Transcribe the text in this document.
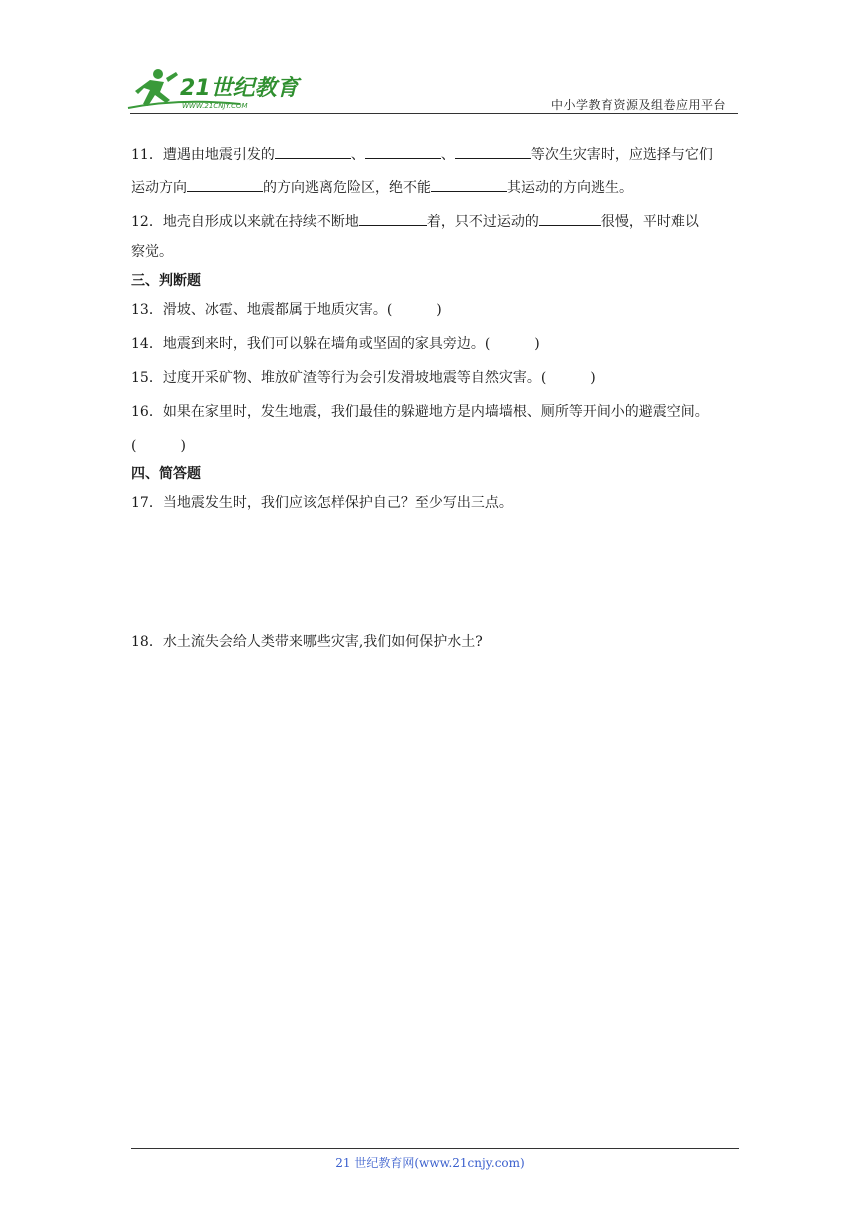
21世纪教育
WWW.21CNJY.COM	中小学教育资源及组卷应用平台
11．遭遇由地震引发的	、	、	等次生灾害时，应选择与它们
运动方向	的方向逃离危险区，绝不能	其运动的方向逃生。
12．地壳自形成以来就在持续不断地	着，只不过运动的	很慢，平时难以
察觉。
三、判断题
13．滑坡、冰雹、地震都属于地质灾害。(	)
14．地震到来时，我们可以躲在墙角或坚固的家具旁边。(	)
15．过度开采矿物、堆放矿渣等行为会引发滑坡地震等自然灾害。(	)
16．如果在家里时，发生地震，我们最佳的躲避地方是内墙墙根、厕所等开间小的避震空间。
(	)
四、简答题
17．当地震发生时，我们应该怎样保护自己？至少写出三点。
18．水土流失会给人类带来哪些灾害,我们如何保护水土?
21 世纪教育网(www.21cnjy.com)
